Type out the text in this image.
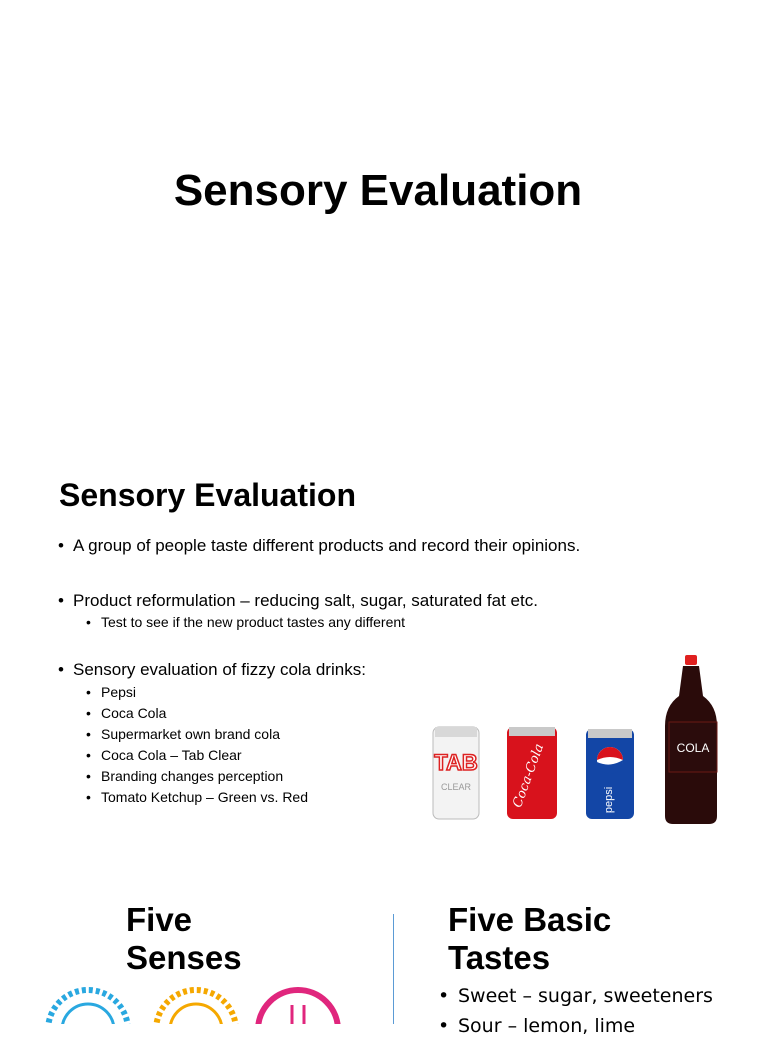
Sensory Evaluation
Sensory Evaluation
• A group of people taste different products and record their opinions.
• Product reformulation – reducing salt, sugar, saturated fat etc.
• Test to see if the new product tastes any different
• Sensory evaluation of fizzy cola drinks:
• Pepsi
• Coca Cola
• Supermarket own brand cola
• Coca Cola – Tab Clear
• Branding changes perception
• Tomato Ketchup – Green vs. Red
TAB
CLEAR	Coca-Cola	pepsi
COLA
Five
Senses
Five Basic
Tastes
• Sweet – sugar, sweeteners
• Sour – lemon, lime
